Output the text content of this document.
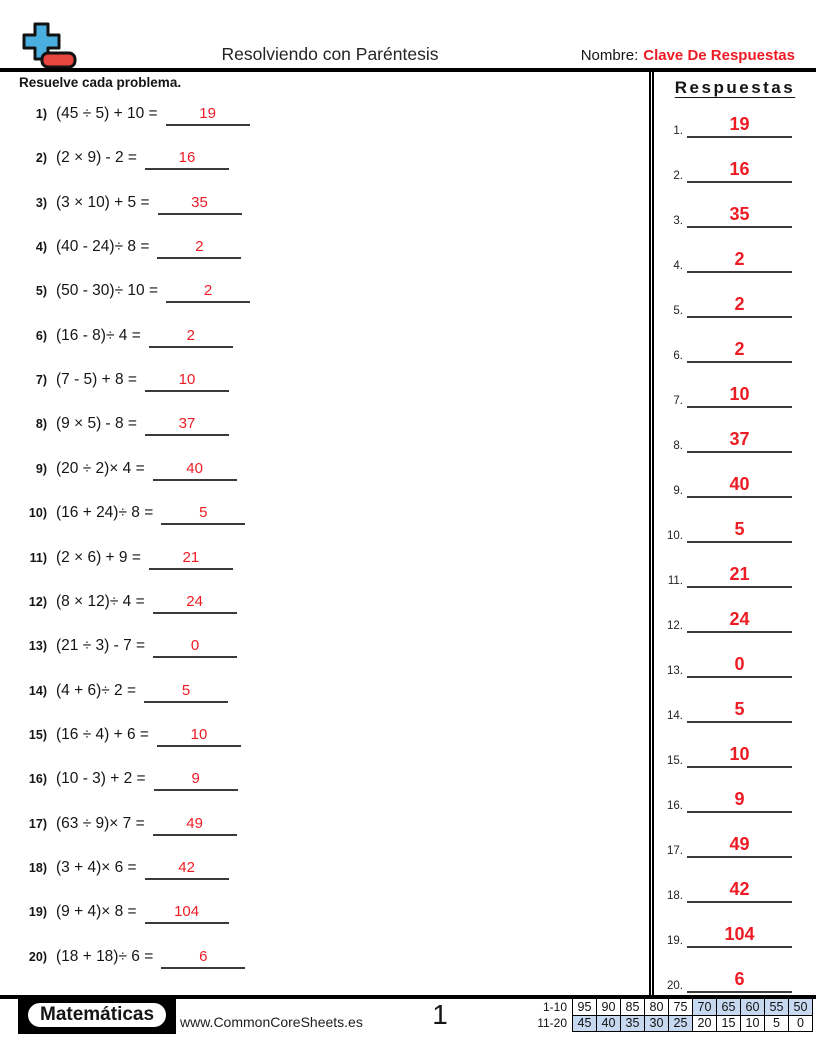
Resolviendo con Paréntesis	Nombre: Clave De Respuestas
Resuelve cada problema.
1) (45 ÷ 5) + 10 =	19
2) (2 × 9) - 2 =	16
3) (3 × 10) + 5 =	35
4) (40 - 24)÷ 8 =	2
5) (50 - 30)÷ 10 =	2
6) (16 - 8)÷ 4 =	2
7) (7 - 5) + 8 =	10
8) (9 × 5) - 8 =	37
9) (20 ÷ 2)× 4 =	40
10) (16 + 24)÷ 8 =	5
11) (2 × 6) + 9 =	21
12) (8 × 12)÷ 4 =	24
13) (21 ÷ 3) - 7 =	0
14) (4 + 6)÷ 2 =	5
15) (16 ÷ 4) + 6 =	10
16) (10 - 3) + 2 =	9
17) (63 ÷ 9)× 7 =	49
18) (3 + 4)× 6 =	42
19) (9 + 4)× 8 =	104
20) (18 + 18)÷ 6 =	6
Respuestas
1.	19
2.	16
3.	35
4.	2
5.	2
6.	2
7.	10
8.	37
9.	40
10.	5
11.	21
12.	24
13.	0
14.	5
15.	10
16.	9
17.	49
18.	42
19.	104
20.	6
Matemáticas	www.CommonCoreSheets.es	1	1-10	95	90	85	80	75	70	65	60	55	50
11-20	45	40	35	30	25	20	15	10	5	0
